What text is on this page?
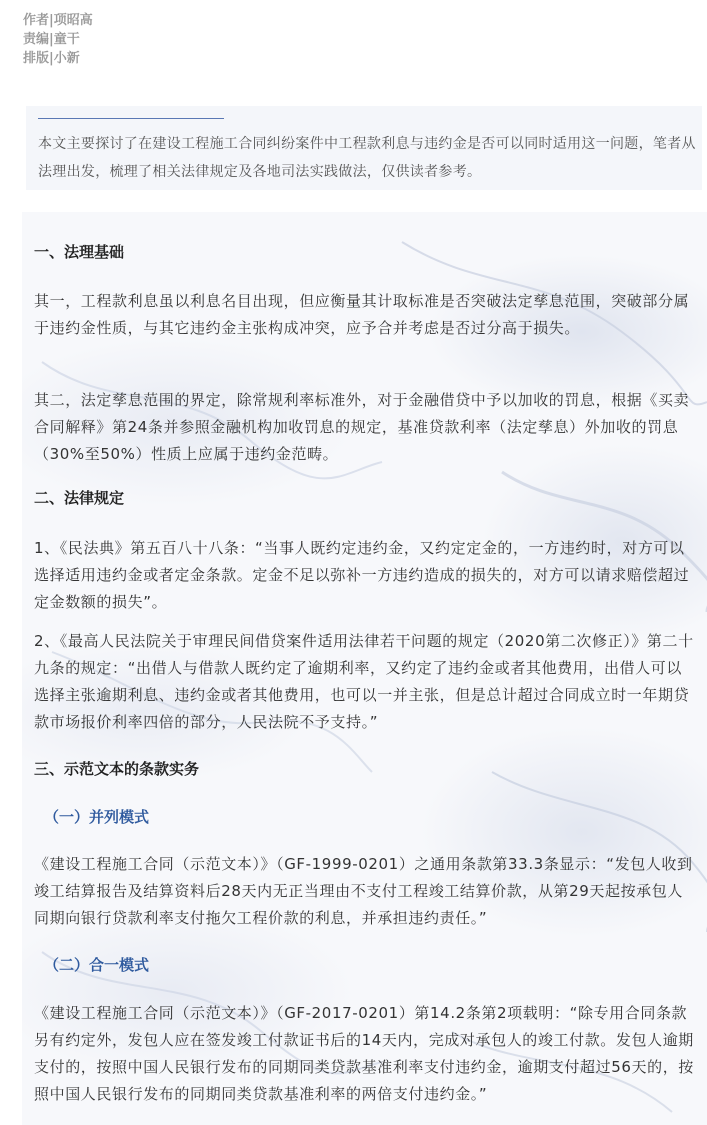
作者|项昭高
责编|童干
排版|小新

本文主要探讨了在建设工程施工合同纠纷案件中工程款利息与违约金是否可以同时适用这一问题，笔者从法理出发，梳理了相关法律规定及各地司法实践做法，仅供读者参考。

一、法理基础

其一，工程款利息虽以利息名目出现，但应衡量其计取标准是否突破法定孳息范围，突破部分属于违约金性质，与其它违约金主张构成冲突，应予合并考虑是否过分高于损失。

其二，法定孳息范围的界定，除常规利率标准外，对于金融借贷中予以加收的罚息，根据《买卖合同解释》第24条并参照金融机构加收罚息的规定，基准贷款利率（法定孳息）外加收的罚息（30%至50%）性质上应属于违约金范畴。

二、法律规定

1、《民法典》第五百八十八条：“当事人既约定违约金，又约定定金的，一方违约时，对方可以选择适用违约金或者定金条款。定金不足以弥补一方违约造成的损失的，对方可以请求赔偿超过定金数额的损失”。

2、《最高人民法院关于审理民间借贷案件适用法律若干问题的规定（2020第二次修正）》第二十九条的规定：“出借人与借款人既约定了逾期利率，又约定了违约金或者其他费用，出借人可以选择主张逾期利息、违约金或者其他费用，也可以一并主张，但是总计超过合同成立时一年期贷款市场报价利率四倍的部分，人民法院不予支持。”

三、示范文本的条款实务
（一）并列模式

《建设工程施工合同（示范文本）》（GF-1999-0201）之通用条款第33.3条显示：“发包人收到竣工结算报告及结算资料后28天内无正当理由不支付工程竣工结算价款，从第29天起按承包人同期向银行贷款利率支付拖欠工程价款的利息，并承担违约责任。”

（二）合一模式

《建设工程施工合同（示范文本）》（GF-2017-0201）第14.2条第2项载明：“除专用合同条款另有约定外，发包人应在签发竣工付款证书后的14天内，完成对承包人的竣工付款。发包人逾期支付的，按照中国人民银行发布的同期同类贷款基准利率支付违约金，逾期支付超过56天的，按照中国人民银行发布的同期同类贷款基准利率的两倍支付违约金。”
